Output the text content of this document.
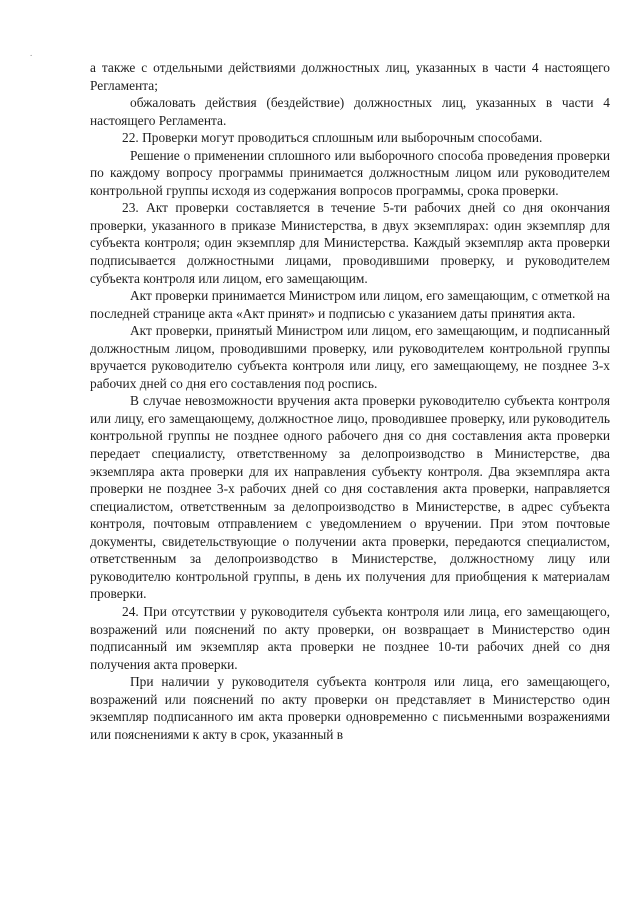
.

а также с отдельными действиями должностных лиц, указанных в части 4 настоящего Регламента;

обжаловать действия (бездействие) должностных лиц, указанных в части 4 настоящего Регламента.

22. Проверки могут проводиться сплошным или выборочным способами.

Решение о применении сплошного или выборочного способа проведения проверки по каждому вопросу программы принимается должностным лицом или руководителем контрольной группы исходя из содержания вопросов программы, срока проверки.

23. Акт проверки составляется в течение 5-ти рабочих дней со дня окончания проверки, указанного в приказе Министерства, в двух экземплярах: один экземпляр для субъекта контроля; один экземпляр для Министерства. Каждый экземпляр акта проверки подписывается должностными лицами, проводившими проверку, и руководителем субъекта контроля или лицом, его замещающим.

Акт проверки принимается Министром или лицом, его замещающим, с отметкой на последней странице акта «Акт принят» и подписью с указанием даты принятия акта.

Акт проверки, принятый Министром или лицом, его замещающим, и подписанный должностным лицом, проводившими проверку, или руководителем контрольной группы вручается руководителю субъекта контроля или лицу, его замещающему, не позднее 3-х рабочих дней со дня его составления под роспись.

В случае невозможности вручения акта проверки руководителю субъекта контроля или лицу, его замещающему, должностное лицо, проводившее проверку, или руководитель контрольной группы не позднее одного рабочего дня со дня составления акта проверки передает специалисту, ответственному за делопроизводство в Министерстве, два экземпляра акта проверки для их направления субъекту контроля. Два экземпляра акта проверки не позднее 3-х рабочих дней со дня составления акта проверки, направляется специалистом, ответственным за делопроизводство в Министерстве, в адрес субъекта контроля, почтовым отправлением с уведомлением о вручении. При этом почтовые документы, свидетельствующие о получении акта проверки, передаются специалистом, ответственным за делопроизводство в Министерстве, должностному лицу или руководителю контрольной группы, в день их получения для приобщения к материалам проверки.

24. При отсутствии у руководителя субъекта контроля или лица, его замещающего, возражений или пояснений по акту проверки, он возвращает в Министерство один подписанный им экземпляр акта проверки не позднее 10-ти рабочих дней со дня получения акта проверки.

При наличии у руководителя субъекта контроля или лица, его замещающего, возражений или пояснений по акту проверки он представляет в Министерство один экземпляр подписанного им акта проверки одновременно с письменными возражениями или пояснениями к акту в срок, указанный в
